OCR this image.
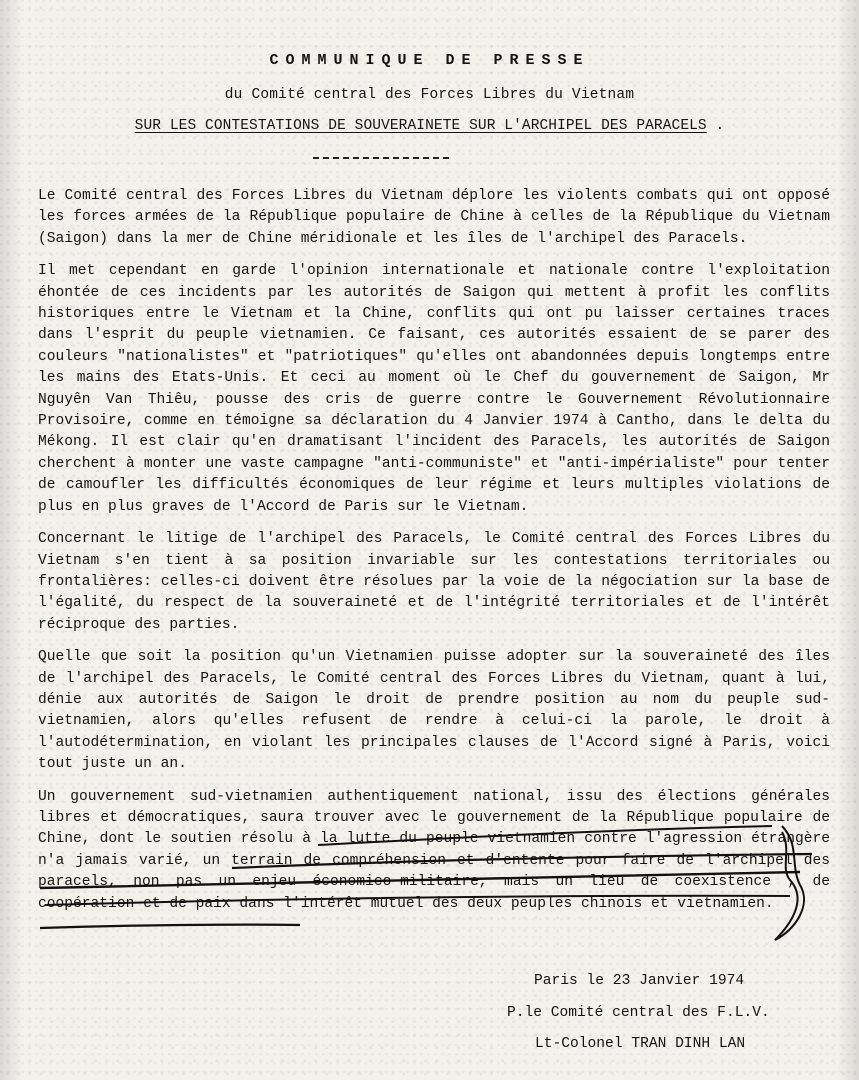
COMMUNIQUE DE PRESSE
du Comité central des Forces Libres du Vietnam
SUR LES CONTESTATIONS DE SOUVERAINETE SUR L'ARCHIPEL DES PARACELS .

Le Comité central des Forces Libres du Vietnam déplore les violents combats qui ont opposé les forces armées de la République populaire de Chine à celles de la République du Vietnam (Saigon) dans la mer de Chine méridionale et les îles de l'archipel des Paracels.

Il met cependant en garde l'opinion internationale et nationale contre l'exploitation éhontée de ces incidents par les autorités de Saigon qui mettent à profit les conflits historiques entre le Vietnam et la Chine, conflits qui ont pu laisser certaines traces dans l'esprit du peuple vietnamien. Ce faisant, ces autorités essaient de se parer des couleurs "nationalistes" et "patriotiques" qu'elles ont abandonnées depuis longtemps entre les mains des Etats-Unis. Et ceci au moment où le Chef du gouvernement de Saigon, Mr Nguyên Van Thiêu, pousse des cris de guerre contre le Gouvernement Révolutionnaire Provisoire, comme en témoigne sa déclaration du 4 Janvier 1974 à Cantho, dans le delta du Mékong. Il est clair qu'en dramatisant l'incident des Paracels, les autorités de Saigon cherchent à monter une vaste campagne "anti-communiste" et "anti-impérialiste" pour tenter de camoufler les difficultés économiques de leur régime et leurs multiples violations de plus en plus graves de l'Accord de Paris sur le Vietnam.

Concernant le litige de l'archipel des Paracels, le Comité central des Forces Libres du Vietnam s'en tient à sa position invariable sur les contestations territoriales ou frontalières: celles-ci doivent être résolues par la voie de la négociation sur la base de l'égalité, du respect de la souveraineté et de l'intégrité territoriales et de l'intérêt réciproque des parties.

Quelle que soit la position qu'un Vietnamien puisse adopter sur la souveraineté des îles de l'archipel des Paracels, le Comité central des Forces Libres du Vietnam, quant à lui, dénie aux autorités de Saigon le droit de prendre position au nom du peuple sud-vietnamien, alors qu'elles refusent de rendre à celui-ci la parole, le droit à l'autodétermination, en violant les principales clauses de l'Accord signé à Paris, voici tout juste un an.

Un gouvernement sud-vietnamien authentiquement national, issu des élections générales libres et démocratiques, saura trouver avec le gouvernement de la République populaire de Chine, dont le soutien résolu à la lutte du peuple vietnamien contre l'agression étrangère n'a jamais varié, un terrain de compréhension et d'entente pour faire de l'archipel des paracels, non pas un enjeu économico-militaire, mais un lieu de coexistence , de coopération et de paix dans l'intérêt mutuel des deux peuples chinois et vietnamien.

Paris le 23 Janvier 1974
P.le Comité central des F.L.V.
Lt-Colonel TRAN DINH LAN
